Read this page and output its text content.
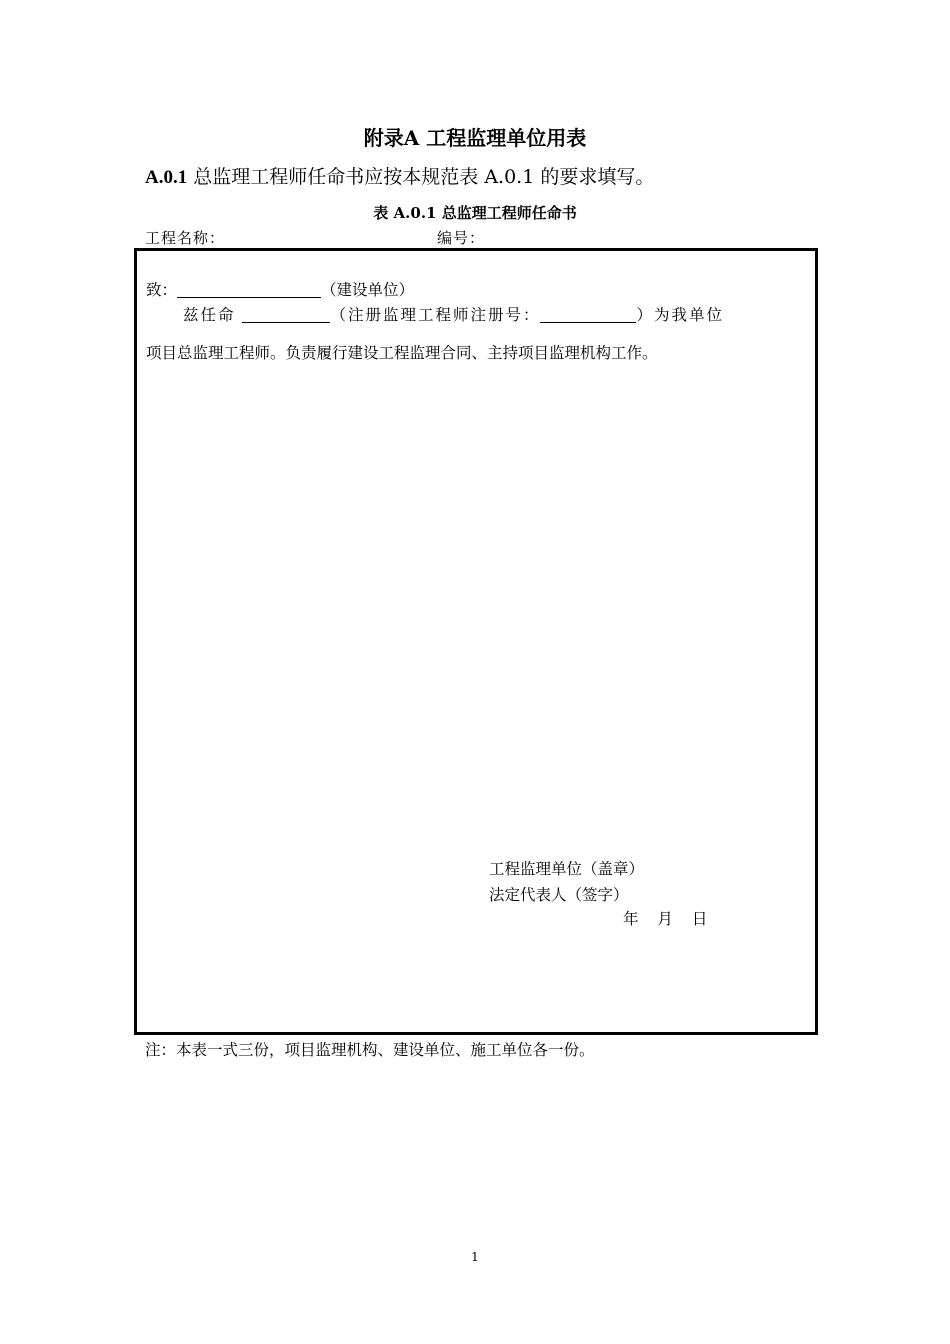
附录A 工程监理单位用表
A.0.1 总监理工程师任命书应按本规范表 A.0.1 的要求填写。
表 A.0.1 总监理工程师任命书
工程名称：	编号：
致：	（建设单位）
兹任命	（注册监理工程师注册号：	）为我单位
项目总监理工程师。负责履行建设工程监理合同、主持项目监理机构工作。
工程监理单位（盖章）
法定代表人（签字）
年 月 日
注：本表一式三份，项目监理机构、建设单位、施工单位各一份。
1
